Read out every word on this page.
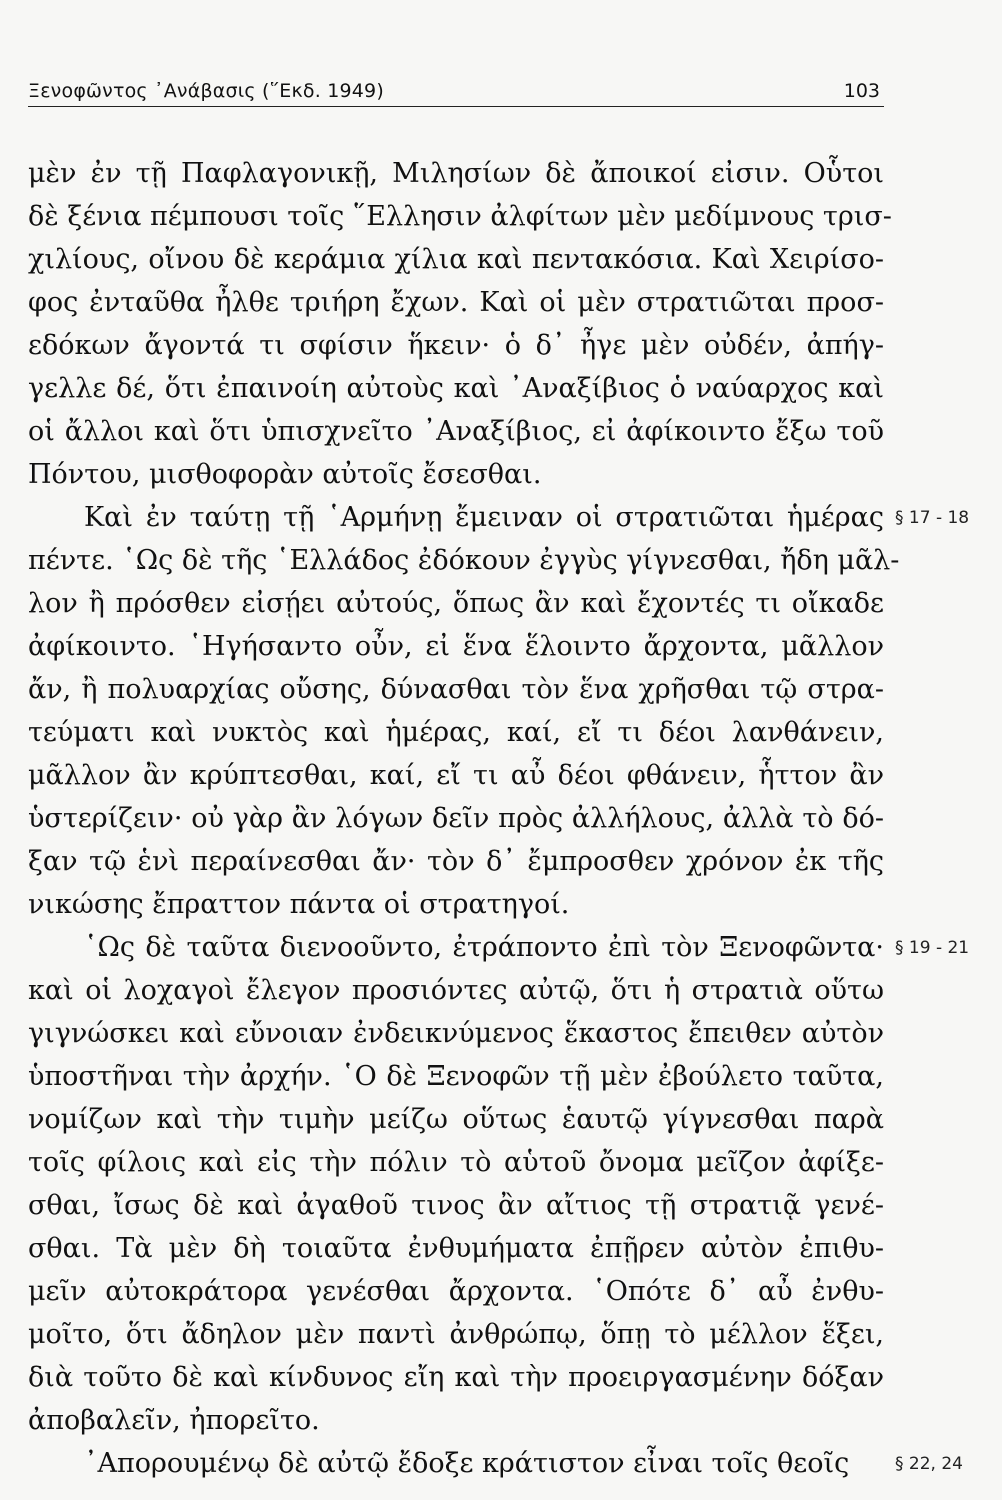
Ξενοφῶντος ᾿Ανάβασις (῞Εκδ. 1949)	103
μὲν ἐν τῇ Παφλαγονικῇ, Μιλησίων δὲ ἄποικοί εἰσιν. Οὗτοι
δὲ ξένια πέμπουσι τοῖς ῞Ελλησιν ἀλφίτων μὲν μεδίμνους τρισ-
χιλίους, οἴνου δὲ κεράμια χίλια καὶ πεντακόσια. Καὶ Χειρίσο-
φος ἐνταῦθα ἦλθε τριήρη ἔχων. Καὶ οἱ μὲν στρατιῶται προσ-
εδόκων ἄγοντά τι σφίσιν ἥκειν· ὁ δ᾿ ἦγε μὲν οὐδέν, ἀπήγ-
γελλε δέ, ὅτι ἐπαινοίη αὐτοὺς καὶ ᾿Αναξίβιος ὁ ναύαρχος καὶ
οἱ ἄλλοι καὶ ὅτι ὑπισχνεῖτο ᾿Αναξίβιος, εἰ ἀφίκοιντο ἔξω τοῦ
Πόντου, μισθοφορὰν αὐτοῖς ἔσεσθαι.
Καὶ ἐν ταύτῃ τῇ ῾Αρμήνῃ ἔμειναν οἱ στρατιῶται ἡμέρας
πέντε. ῾Ως δὲ τῆς ῾Ελλάδος ἐδόκουν ἐγγὺς γίγνεσθαι, ἤδη μᾶλ-
λον ἢ πρόσθεν εἰσῄει αὐτούς, ὅπως ἂν καὶ ἔχοντές τι οἴκαδε
ἀφίκοιντο. ῾Ηγήσαντο οὖν, εἰ ἕνα ἕλοιντο ἄρχοντα, μᾶλλον
ἄν, ἢ πολυαρχίας οὔσης, δύνασθαι τὸν ἕνα χρῆσθαι τῷ στρα-
τεύματι καὶ νυκτὸς καὶ ἡμέρας, καί, εἴ τι δέοι λανθάνειν,
μᾶλλον ἂν κρύπτεσθαι, καί, εἴ τι αὖ δέοι φθάνειν, ἧττον ἂν
ὑστερίζειν· οὐ γὰρ ἂν λόγων δεῖν πρὸς ἀλλήλους, ἀλλὰ τὸ δό-
ξαν τῷ ἑνὶ περαίνεσθαι ἄν· τὸν δ᾿ ἔμπροσθεν χρόνον ἐκ τῆς
νικώσης ἔπραττον πάντα οἱ στρατηγοί.
῾Ως δὲ ταῦτα διενοοῦντο, ἐτράποντο ἐπὶ τὸν Ξενοφῶντα·
καὶ οἱ λοχαγοὶ ἔλεγον προσιόντες αὐτῷ, ὅτι ἡ στρατιὰ οὕτω
γιγνώσκει καὶ εὔνοιαν ἐνδεικνύμενος ἕκαστος ἔπειθεν αὐτὸν
ὑποστῆναι τὴν ἀρχήν. ῾Ο δὲ Ξενοφῶν τῇ μὲν ἐβούλετο ταῦτα,
νομίζων καὶ τὴν τιμὴν μείζω οὕτως ἑαυτῷ γίγνεσθαι παρὰ
τοῖς φίλοις καὶ εἰς τὴν πόλιν τὸ αὑτοῦ ὄνομα μεῖζον ἀφίξε-
σθαι, ἴσως δὲ καὶ ἀγαθοῦ τινος ἂν αἴτιος τῇ στρατιᾷ γενέ-
σθαι. Τὰ μὲν δὴ τοιαῦτα ἐνθυμήματα ἐπῇρεν αὐτὸν ἐπιθυ-
μεῖν αὐτοκράτορα γενέσθαι ἄρχοντα. ῾Οπότε δ᾿ αὖ ἐνθυ-
μοῖτο, ὅτι ἄδηλον μὲν παντὶ ἀνθρώπῳ, ὅπῃ τὸ μέλλον ἕξει,
διὰ τοῦτο δὲ καὶ κίνδυνος εἴη καὶ τὴν προειργασμένην δόξαν
ἀποβαλεῖν, ἠπορεῖτο.
᾿Απορουμένῳ δὲ αὐτῷ ἔδοξε κράτιστον εἶναι τοῖς θεοῖς
§ 17 - 18
§ 19 - 21
§ 22, 24
